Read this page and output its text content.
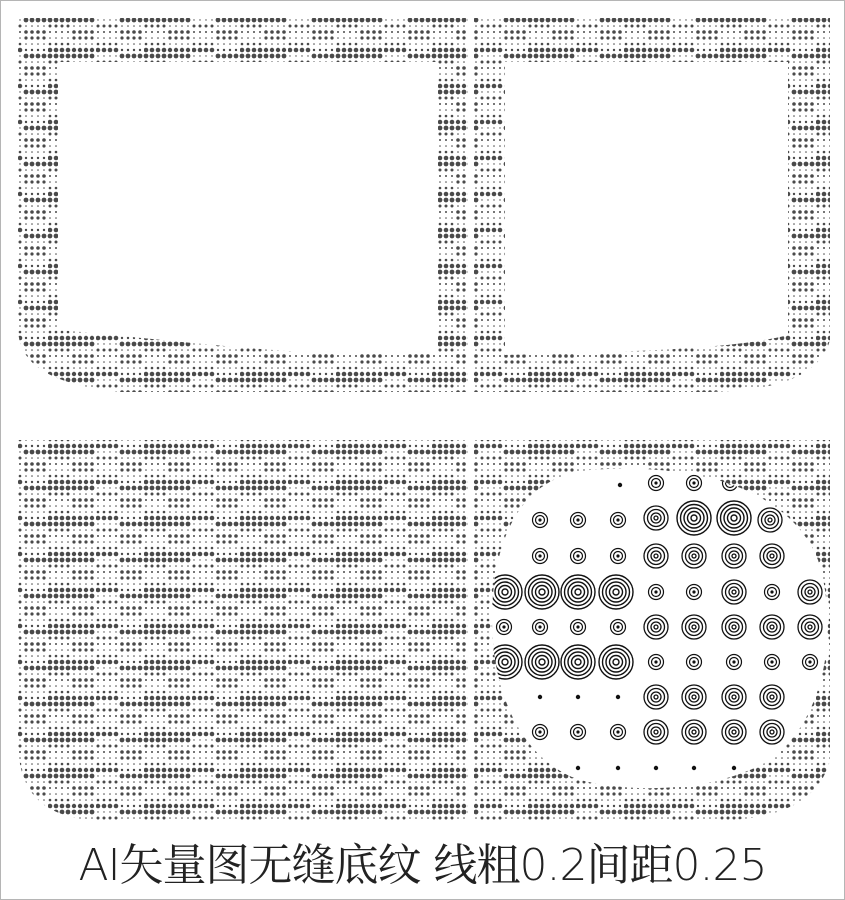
AI矢量图无缝底纹 线粗0.2间距0.25
